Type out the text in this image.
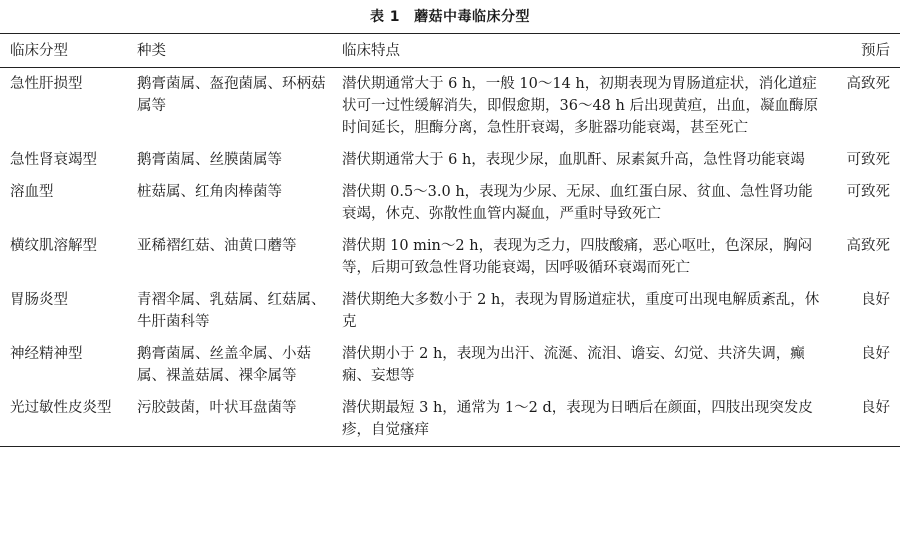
表 1 蘑菇中毒临床分型
临床分型	种类	临床特点	预后
急性肝损型	鹅膏菌属、盔孢菌属、环柄菇属等	潜伏期通常大于 6 h，一般 10～14 h，初期表现为胃肠道症状，消化道症状可一过性缓解消失，即假愈期，36～48 h 后出现黄疸，出血，凝血酶原时间延长，胆酶分离，急性肝衰竭，多脏器功能衰竭，甚至死亡	高致死
急性肾衰竭型	鹅膏菌属、丝膜菌属等	潜伏期通常大于 6 h，表现少尿，血肌酐、尿素氮升高，急性肾功能衰竭	可致死
溶血型	桩菇属、红角肉棒菌等	潜伏期 0.5～3.0 h，表现为少尿、无尿、血红蛋白尿、贫血、急性肾功能衰竭，休克、弥散性血管内凝血，严重时导致死亡	可致死
横纹肌溶解型	亚稀褶红菇、油黄口蘑等	潜伏期 10 min～2 h，表现为乏力，四肢酸痛，恶心呕吐，色深尿，胸闷等，后期可致急性肾功能衰竭，因呼吸循环衰竭而死亡	高致死
胃肠炎型	青褶伞属、乳菇属、红菇属、牛肝菌科等	潜伏期绝大多数小于 2 h，表现为胃肠道症状，重度可出现电解质紊乱，休克	良好
神经精神型	鹅膏菌属、丝盖伞属、小菇属、裸盖菇属、裸伞属等	潜伏期小于 2 h，表现为出汗、流涎、流泪、谵妄、幻觉、共济失调，癫痫、妄想等	良好
光过敏性皮炎型	污胶鼓菌，叶状耳盘菌等	潜伏期最短 3 h，通常为 1～2 d，表现为日晒后在颜面，四肢出现突发皮疹，自觉瘙痒	良好
